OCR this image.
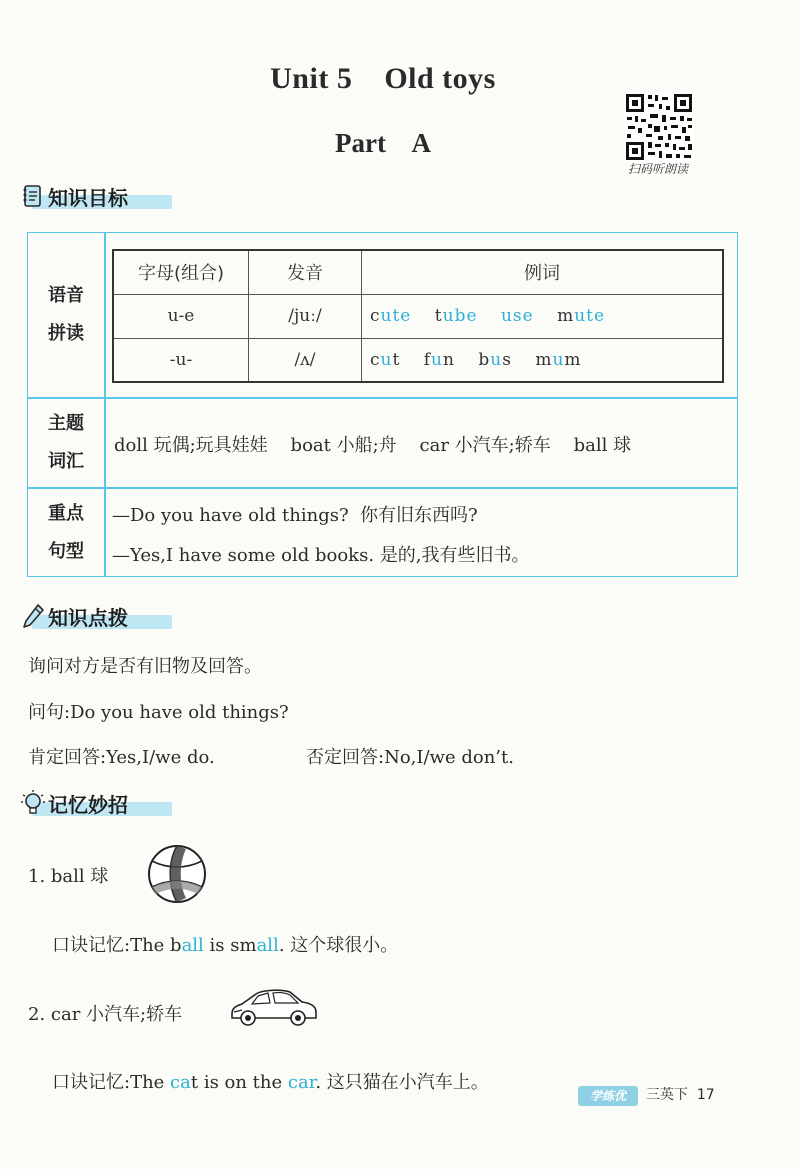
Unit 5    Old toys
Part    A
扫码听朗读
知识目标
语音
拼读
字母(组合)	发音	例词
u-e	/juː/	cute tube use mute
-u-	/ʌ/	cut fun bus mum
主题
词汇
doll 玩偶;玩具娃娃    boat 小船;舟    car 小汽车;轿车    ball 球
重点
句型
—Do you have old things?  你有旧东西吗?
—Yes,I have some old books. 是的,我有些旧书。
知识点拨
询问对方是否有旧物及回答。
问句:Do you have old things?
肯定回答:Yes,I/we do.	否定回答:No,I/we don’t.
记忆妙招
1. ball 球
口诀记忆:The ball is small. 这个球很小。
2. car 小汽车;轿车
口诀记忆:The cat is on the car. 这只猫在小汽车上。
学练优	三英下  17
